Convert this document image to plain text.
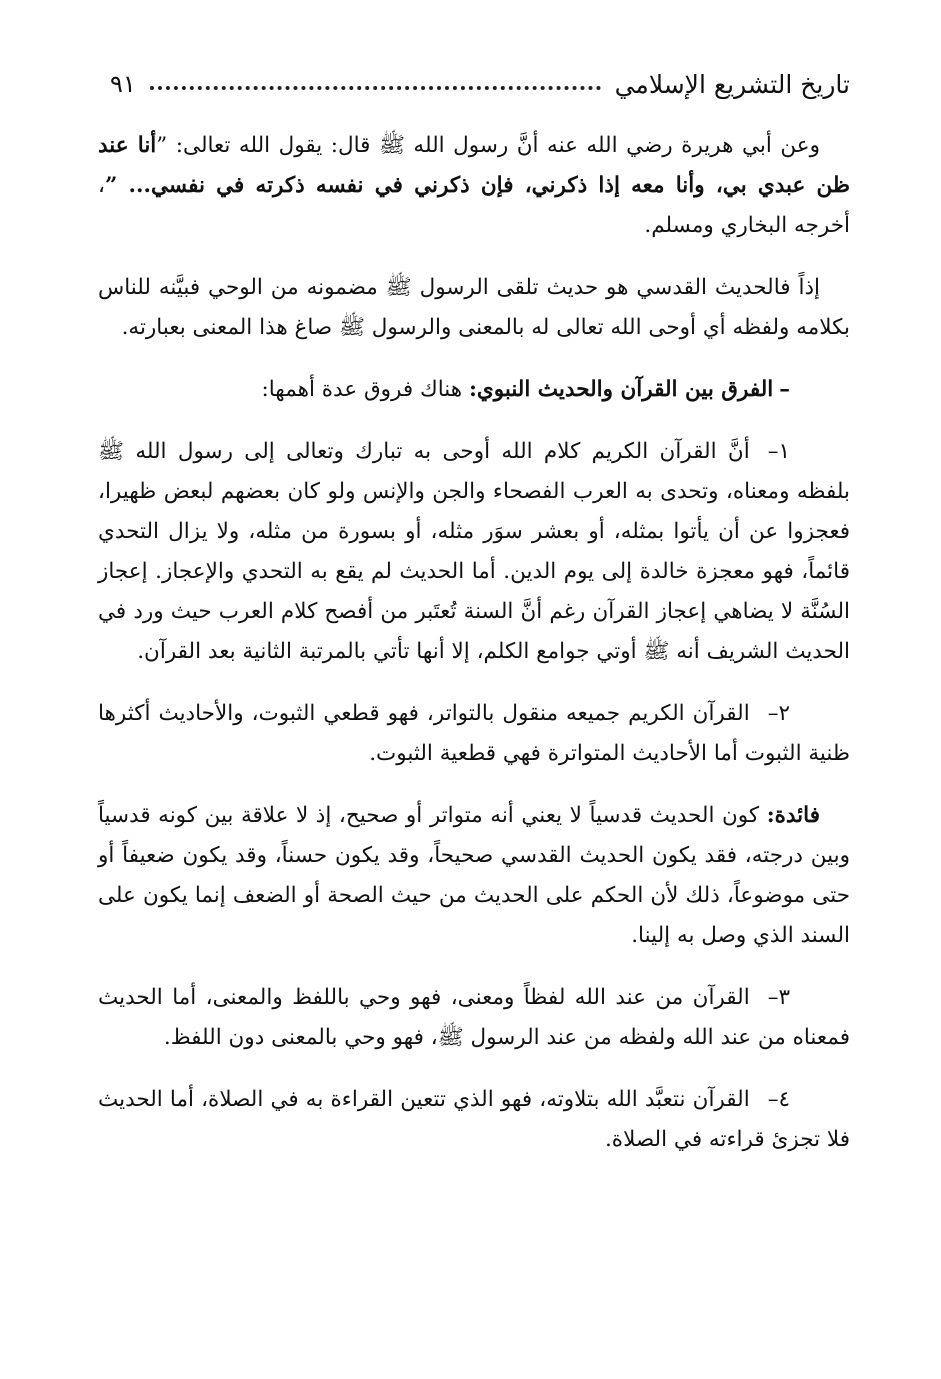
تاريخ التشريع الإسلامي
٩١

وعن أبي هريرة رضي الله عنه أنَّ رسول الله ﷺ قال: يقول الله تعالى: ”أنا عند ظن عبدي بي، وأنا معه إذا ذكرني، فإن ذكرني في نفسه ذكرته في نفسي... ”، أخرجه البخاري ومسلم.

إذاً فالحديث القدسي هو حديث تلقى الرسول ﷺ مضمونه من الوحي فبيَّنه للناس بكلامه ولفظه أي أوحى الله تعالى له بالمعنى والرسول ﷺ صاغ هذا المعنى بعبارته.

–الفرق بين القرآن والحديث النبوي: هناك فروق عدة أهمها:

١–أنَّ القرآن الكريم كلام الله أوحى به تبارك وتعالى إلى رسول الله ﷺ بلفظه ومعناه، وتحدى به العرب الفصحاء والجن والإنس ولو كان بعضهم لبعض ظهيرا، فعجزوا عن أن يأتوا بمثله، أو بعشر سوَر مثله، أو بسورة من مثله، ولا يزال التحدي قائماً، فهو معجزة خالدة إلى يوم الدين. أما الحديث لم يقع به التحدي والإعجاز. إعجاز السُنَّة لا يضاهي إعجاز القرآن رغم أنَّ السنة تُعتَبر من أفصح كلام العرب حيث ورد في الحديث الشريف أنه ﷺ أوتي جوامع الكلم، إلا أنها تأتي بالمرتبة الثانية بعد القرآن.

٢–القرآن الكريم جميعه منقول بالتواتر، فهو قطعي الثبوت، والأحاديث أكثرها ظنية الثبوت أما الأحاديث المتواترة فهي قطعية الثبوت.

فائدة: كون الحديث قدسياً لا يعني أنه متواتر أو صحيح، إذ لا علاقة بين كونه قدسياً وبين درجته، فقد يكون الحديث القدسي صحيحاً، وقد يكون حسناً، وقد يكون ضعيفاً أو حتى موضوعاً، ذلك لأن الحكم على الحديث من حيث الصحة أو الضعف إنما يكون على السند الذي وصل به إلينا.

٣–القرآن من عند الله لفظاً ومعنى، فهو وحي باللفظ والمعنى، أما الحديث فمعناه من عند الله ولفظه من عند الرسول ﷺ، فهو وحي بالمعنى دون اللفظ.

٤–القرآن نتعبَّد الله بتلاوته، فهو الذي تتعين القراءة به في الصلاة، أما الحديث فلا تجزئ قراءته في الصلاة.
